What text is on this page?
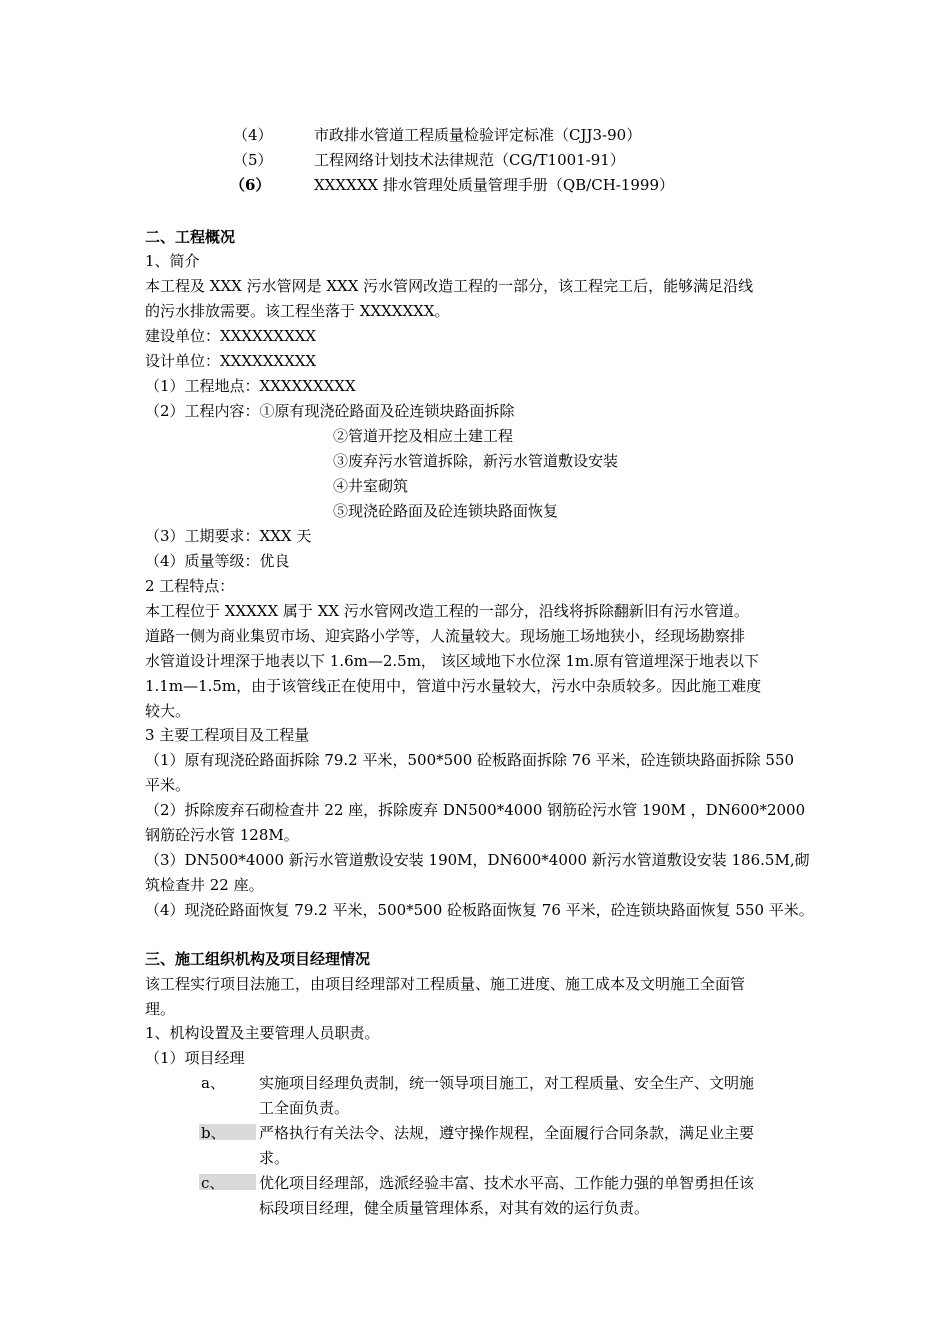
（4）	市政排水管道工程质量检验评定标准（CJJ3-90）
（5）	工程网络计划技术法律规范（CG/T1001-91）
（6）	XXXXXX 排水管理处质量管理手册（QB/CH-1999）
二、工程概况
1、简介
本工程及 XXX 污水管网是 XXX 污水管网改造工程的一部分，该工程完工后，能够满足沿线
的污水排放需要。该工程坐落于 XXXXXXX。
建设单位：XXXXXXXXX
设计单位：XXXXXXXXX
（1）工程地点：XXXXXXXXX
（2）工程内容：①原有现浇砼路面及砼连锁块路面拆除
②管道开挖及相应土建工程
③废弃污水管道拆除，新污水管道敷设安装
④井室砌筑
⑤现浇砼路面及砼连锁块路面恢复
（3）工期要求：XXX 天
（4）质量等级：优良
2 工程特点：
本工程位于 XXXXX 属于 XX 污水管网改造工程的一部分，沿线将拆除翻新旧有污水管道。
道路一侧为商业集贸市场、迎宾路小学等，人流量较大。现场施工场地狭小，经现场勘察排
水管道设计埋深于地表以下 1.6m—2.5m， 该区域地下水位深 1m.原有管道埋深于地表以下
1.1m—1.5m，由于该管线正在使用中，管道中污水量较大，污水中杂质较多。因此施工难度
较大。
3 主要工程项目及工程量
（1）原有现浇砼路面拆除 79.2 平米，500*500 砼板路面拆除 76 平米，砼连锁块路面拆除 550
平米。
（2）拆除废弃石砌检查井 22 座，拆除废弃 DN500*4000 钢筋砼污水管 190M ，DN600*2000
钢筋砼污水管 128M。
（3）DN500*4000 新污水管道敷设安装 190M，DN600*4000 新污水管道敷设安装 186.5M,砌
筑检查井 22 座。
（4）现浇砼路面恢复 79.2 平米，500*500 砼板路面恢复 76 平米，砼连锁块路面恢复 550 平米。
三、施工组织机构及项目经理情况
该工程实行项目法施工，由项目经理部对工程质量、施工进度、施工成本及文明施工全面管
理。
1、机构设置及主要管理人员职责。
（1）项目经理
a、 实施项目经理负责制，统一领导项目施工，对工程质量、安全生产、文明施
工全面负责。
b、 严格执行有关法令、法规，遵守操作规程，全面履行合同条款，满足业主要
求。
c、 优化项目经理部，选派经验丰富、技术水平高、工作能力强的单智勇担任该
标段项目经理，健全质量管理体系，对其有效的运行负责。
